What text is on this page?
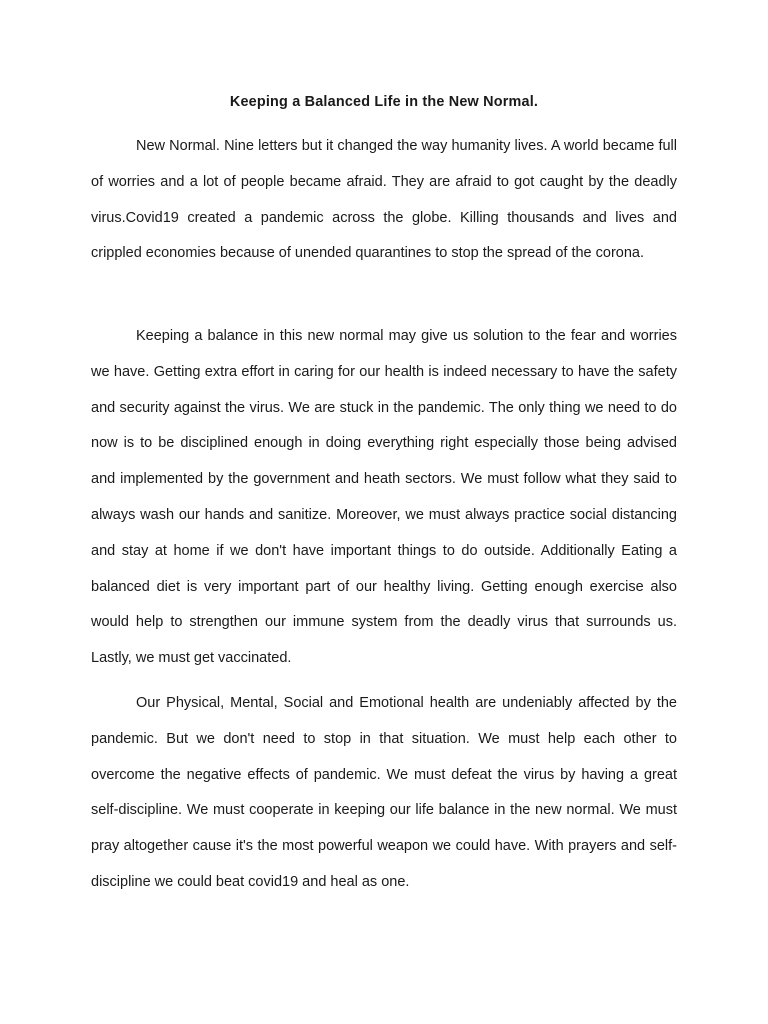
Keeping a Balanced Life in the New Normal.

New Normal. Nine letters but it changed the way humanity lives. A world became full of worries and a lot of people became afraid. They are afraid to got caught by the deadly virus.Covid19 created a pandemic across the globe. Killing thousands and lives and crippled economies because of unended quarantines to stop the spread of the corona.

Keeping a balance in this new normal may give us solution to the fear and worries we have. Getting extra effort in caring for our health is indeed necessary to have the safety and security against the virus. We are stuck in the pandemic. The only thing we need to do now is to be disciplined enough in doing everything right especially those being advised and implemented by the government and heath sectors. We must follow what they said to always wash our hands and sanitize. Moreover, we must always practice social distancing and stay at home if we don't have important things to do outside. Additionally Eating a balanced diet is very important part of our healthy living. Getting enough exercise also would help to strengthen our immune system from the deadly virus that surrounds us. Lastly, we must get vaccinated.

Our Physical, Mental, Social and Emotional health are undeniably affected by the pandemic. But we don't need to stop in that situation. We must help each other to overcome the negative effects of pandemic. We must defeat the virus by having a great self-discipline. We must cooperate in keeping our life balance in the new normal. We must pray altogether cause it's the most powerful weapon we could have. With prayers and self-discipline we could beat covid19 and heal as one.
